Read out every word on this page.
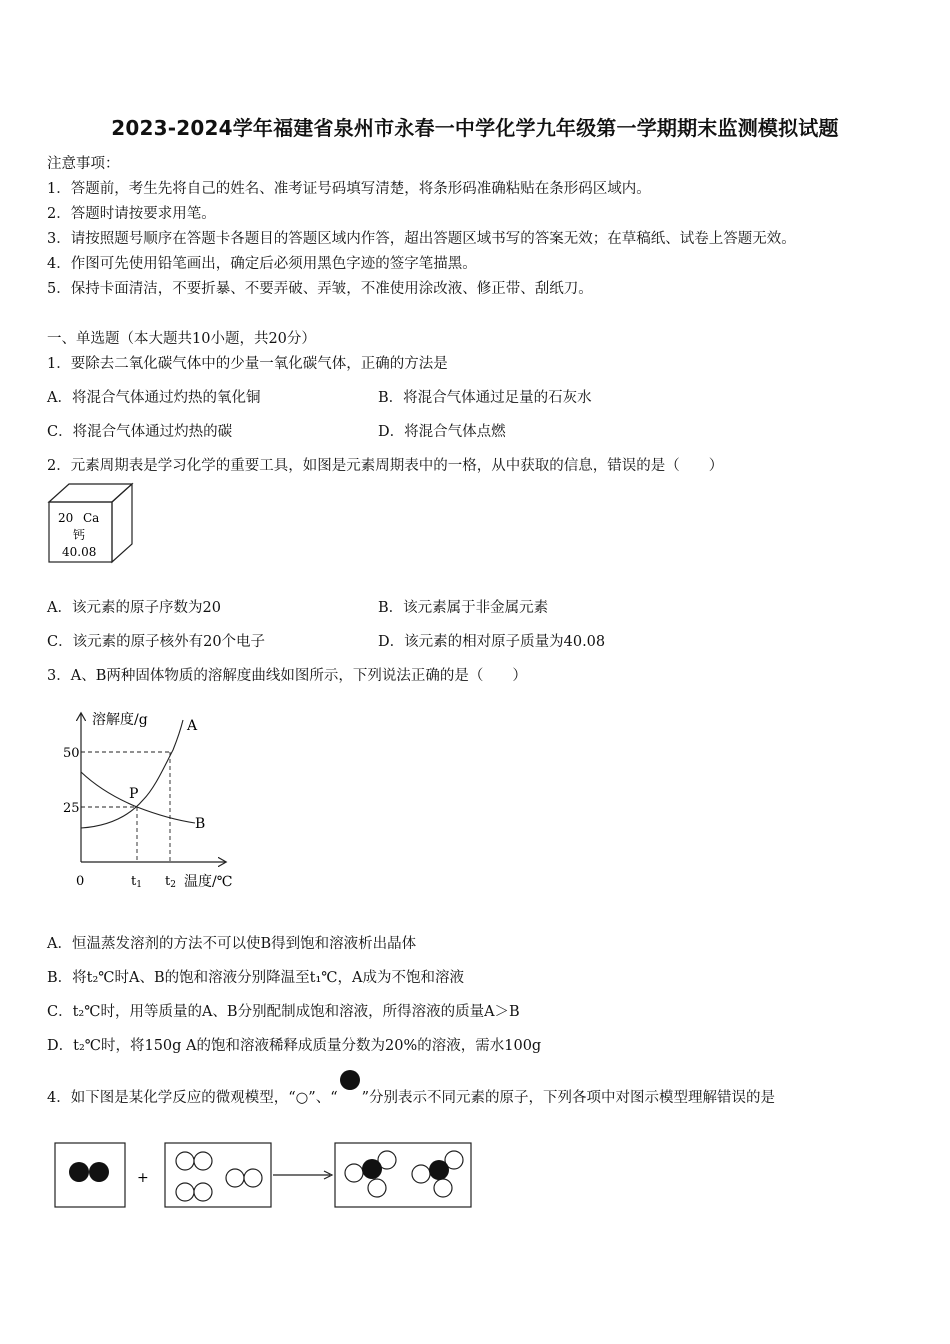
2023-2024学年福建省泉州市永春一中学化学九年级第一学期期末监测模拟试题
注意事项：
1．答题前，考生先将自己的姓名、准考证号码填写清楚，将条形码准确粘贴在条形码区域内。
2．答题时请按要求用笔。
3．请按照题号顺序在答题卡各题目的答题区域内作答，超出答题区域书写的答案无效；在草稿纸、试卷上答题无效。
4．作图可先使用铅笔画出，确定后必须用黑色字迹的签字笔描黑。
5．保持卡面清洁，不要折暴、不要弄破、弄皱，不准使用涂改液、修正带、刮纸刀。
一、单选题（本大题共10小题，共20分）
1．要除去二氧化碳气体中的少量一氧化碳气体，正确的方法是
A．将混合气体通过灼热的氧化铜	B．将混合气体通过足量的石灰水
C．将混合气体通过灼热的碳	D．将混合气体点燃
2．元素周期表是学习化学的重要工具，如图是元素周期表中的一格，从中获取的信息，错误的是（　　）
20 Ca
钙
40.08
A．该元素的原子序数为20	B．该元素属于非金属元素
C．该元素的原子核外有20个电子	D．该元素的相对原子质量为40.08
3．A、B两种固体物质的溶解度曲线如图所示，下列说法正确的是（　　）
溶解度/g	A
B
P
50
25
0	t1 t2 温度/℃
A．恒温蒸发溶剂的方法不可以使B得到饱和溶液析出晶体
B．将t₂℃时A、B的饱和溶液分别降温至t₁℃，A成为不饱和溶液
C．t₂℃时，用等质量的A、B分别配制成饱和溶液，所得溶液的质量A＞B
D．t₂℃时，将150g A的饱和溶液稀释成质量分数为20%的溶液，需水100g
4．如下图是某化学反应的微观模型，“○”、“ ”分别表示不同元素的原子，下列各项中对图示模型理解错误的是
+
